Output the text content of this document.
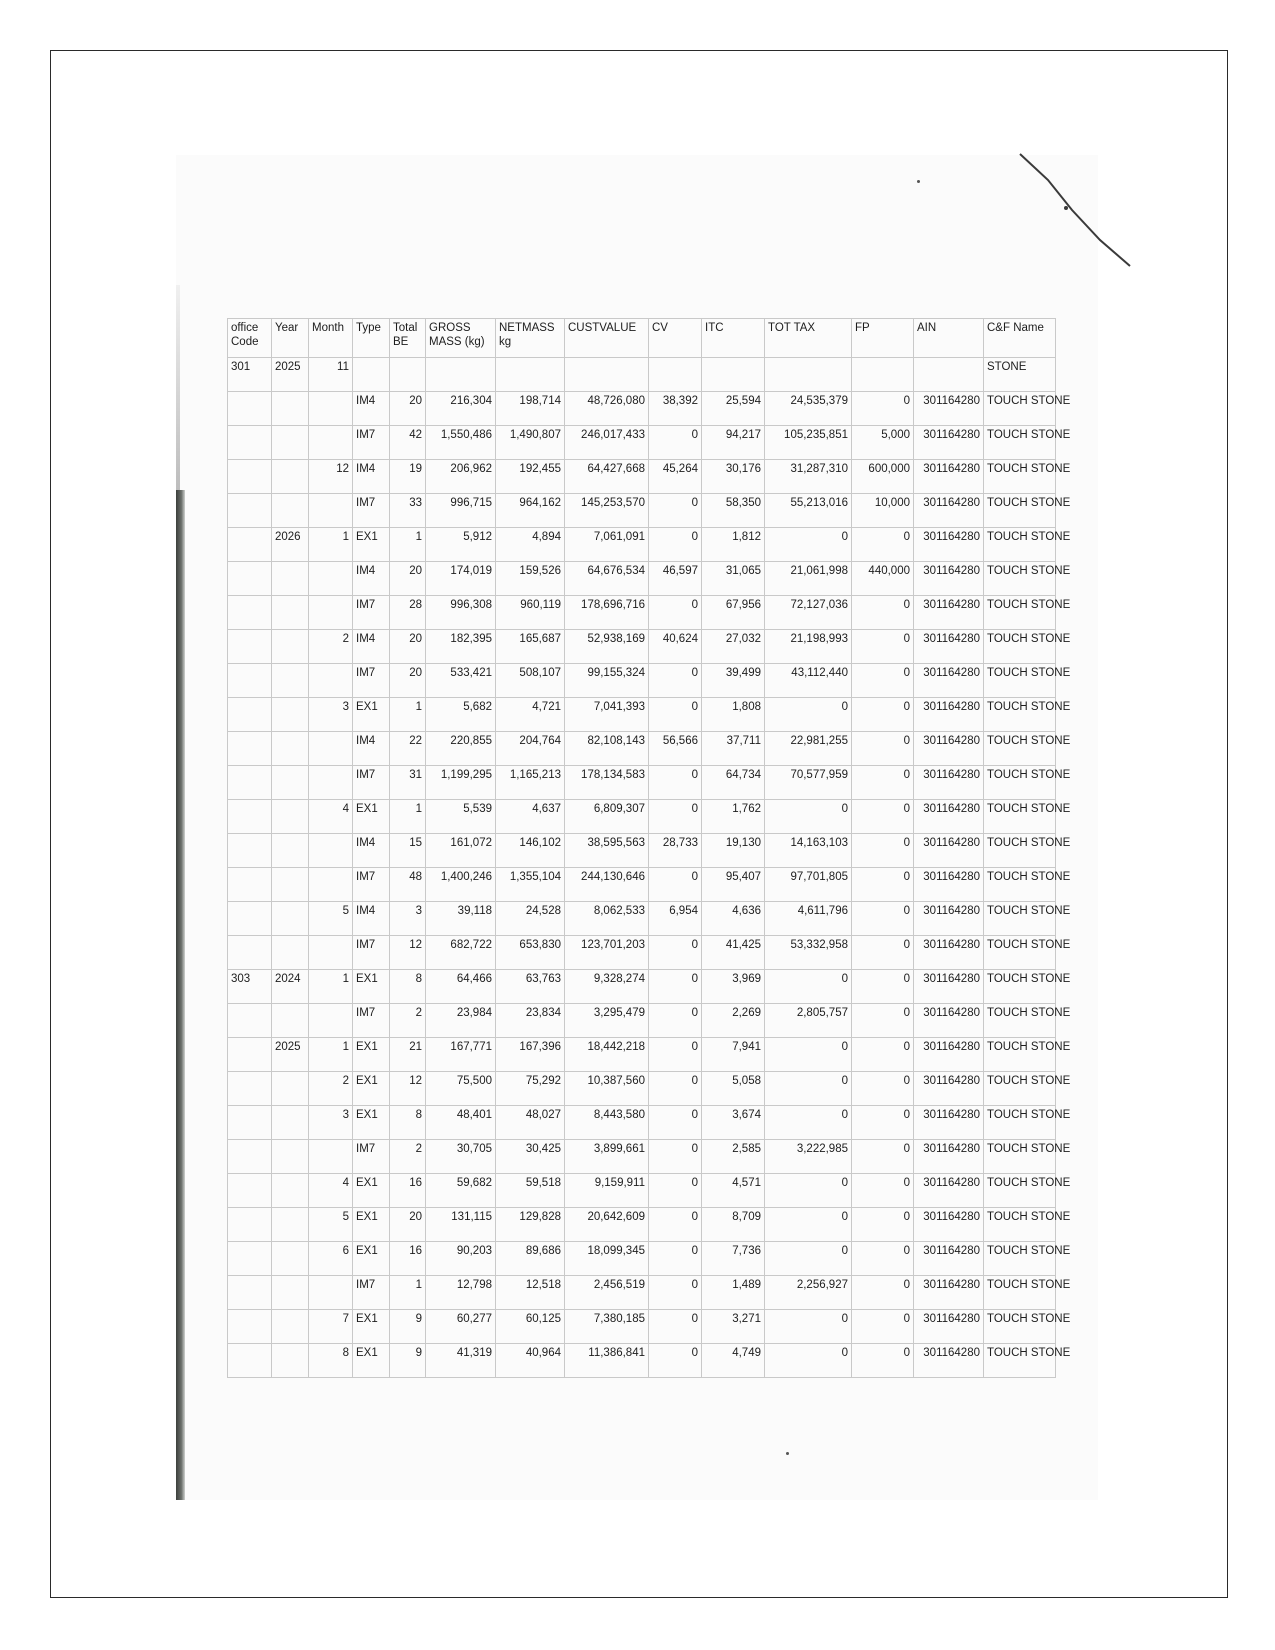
office Code	Year	Month	Type	Total BE	GROSS MASS (kg)	NETMASS kg	CUSTVALUE	CV	ITC	TOT TAX	FP	AIN	C&F Name
301	2025	11											STONE
			IM4	20	216,304	198,714	48,726,080	38,392	25,594	24,535,379	0	301164280	TOUCH STONE
			IM7	42	1,550,486	1,490,807	246,017,433	0	94,217	105,235,851	5,000	301164280	TOUCH STONE
		12	IM4	19	206,962	192,455	64,427,668	45,264	30,176	31,287,310	600,000	301164280	TOUCH STONE
			IM7	33	996,715	964,162	145,253,570	0	58,350	55,213,016	10,000	301164280	TOUCH STONE
	2026	1	EX1	1	5,912	4,894	7,061,091	0	1,812	0	0	301164280	TOUCH STONE
			IM4	20	174,019	159,526	64,676,534	46,597	31,065	21,061,998	440,000	301164280	TOUCH STONE
			IM7	28	996,308	960,119	178,696,716	0	67,956	72,127,036	0	301164280	TOUCH STONE
		2	IM4	20	182,395	165,687	52,938,169	40,624	27,032	21,198,993	0	301164280	TOUCH STONE
			IM7	20	533,421	508,107	99,155,324	0	39,499	43,112,440	0	301164280	TOUCH STONE
		3	EX1	1	5,682	4,721	7,041,393	0	1,808	0	0	301164280	TOUCH STONE
			IM4	22	220,855	204,764	82,108,143	56,566	37,711	22,981,255	0	301164280	TOUCH STONE
			IM7	31	1,199,295	1,165,213	178,134,583	0	64,734	70,577,959	0	301164280	TOUCH STONE
		4	EX1	1	5,539	4,637	6,809,307	0	1,762	0	0	301164280	TOUCH STONE
			IM4	15	161,072	146,102	38,595,563	28,733	19,130	14,163,103	0	301164280	TOUCH STONE
			IM7	48	1,400,246	1,355,104	244,130,646	0	95,407	97,701,805	0	301164280	TOUCH STONE
		5	IM4	3	39,118	24,528	8,062,533	6,954	4,636	4,611,796	0	301164280	TOUCH STONE
			IM7	12	682,722	653,830	123,701,203	0	41,425	53,332,958	0	301164280	TOUCH STONE
303	2024	1	EX1	8	64,466	63,763	9,328,274	0	3,969	0	0	301164280	TOUCH STONE
			IM7	2	23,984	23,834	3,295,479	0	2,269	2,805,757	0	301164280	TOUCH STONE
	2025	1	EX1	21	167,771	167,396	18,442,218	0	7,941	0	0	301164280	TOUCH STONE
		2	EX1	12	75,500	75,292	10,387,560	0	5,058	0	0	301164280	TOUCH STONE
		3	EX1	8	48,401	48,027	8,443,580	0	3,674	0	0	301164280	TOUCH STONE
			IM7	2	30,705	30,425	3,899,661	0	2,585	3,222,985	0	301164280	TOUCH STONE
		4	EX1	16	59,682	59,518	9,159,911	0	4,571	0	0	301164280	TOUCH STONE
		5	EX1	20	131,115	129,828	20,642,609	0	8,709	0	0	301164280	TOUCH STONE
		6	EX1	16	90,203	89,686	18,099,345	0	7,736	0	0	301164280	TOUCH STONE
			IM7	1	12,798	12,518	2,456,519	0	1,489	2,256,927	0	301164280	TOUCH STONE
		7	EX1	9	60,277	60,125	7,380,185	0	3,271	0	0	301164280	TOUCH STONE
		8	EX1	9	41,319	40,964	11,386,841	0	4,749	0	0	301164280	TOUCH STONE
